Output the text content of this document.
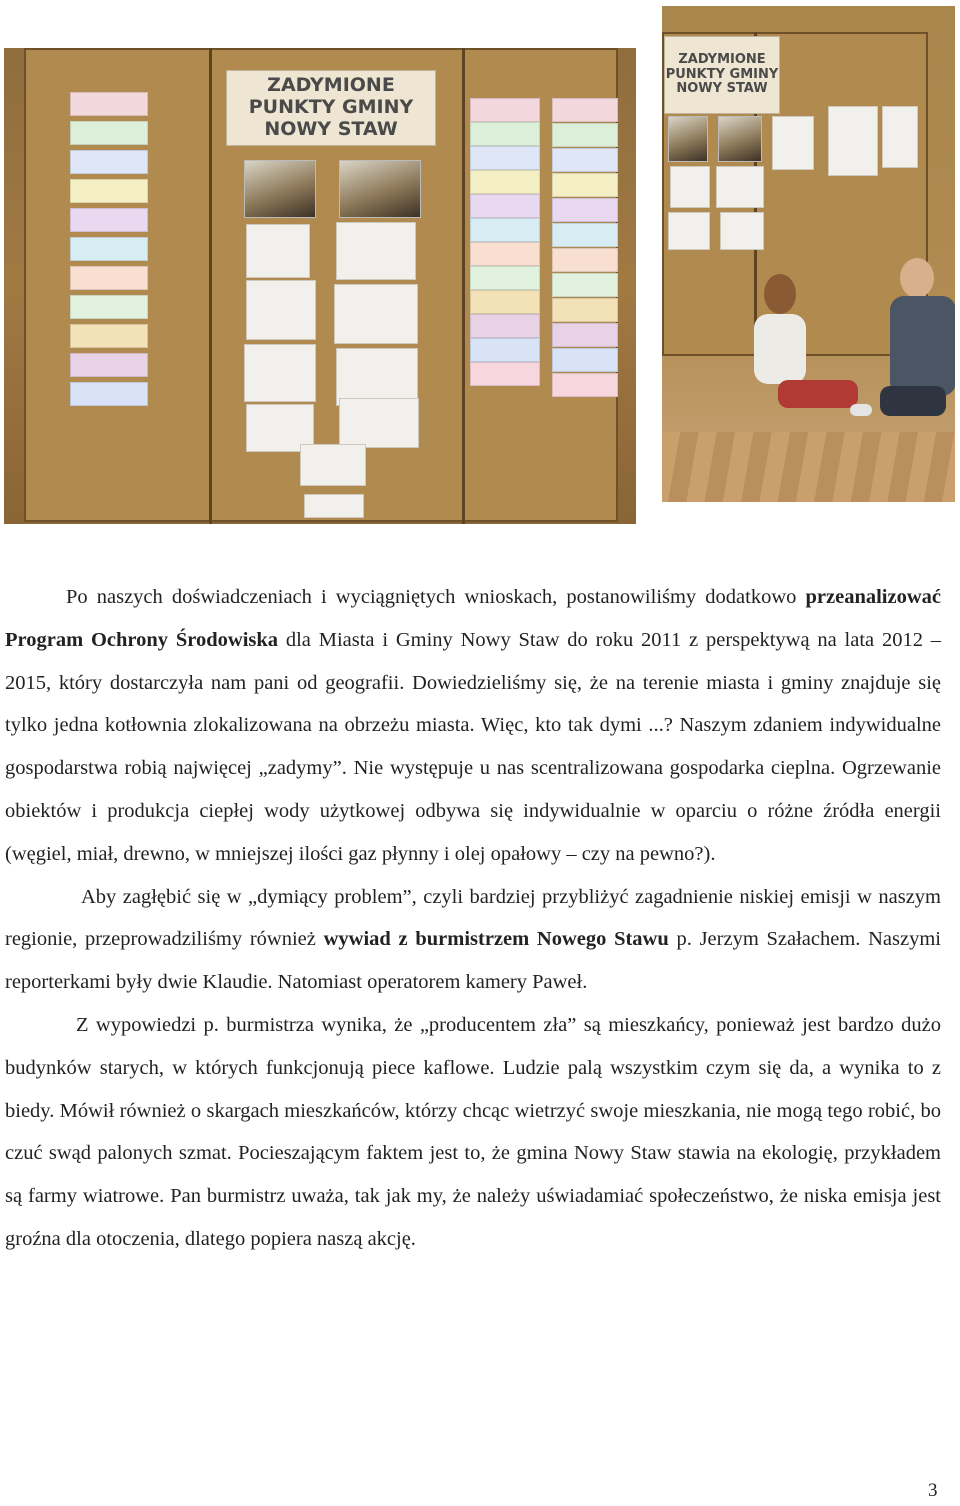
ZADYMIONE PUNKTY GMINY NOWY STAW
ZADYMIONE PUNKTY GMINY NOWY STAW

Po naszych doświadczeniach i wyciągniętych wnioskach, postanowiliśmy dodatkowo przeanalizować Program Ochrony Środowiska dla Miasta i Gminy Nowy Staw do roku 2011 z perspektywą na lata 2012 – 2015, który dostarczyła nam pani od geografii. Dowiedzieliśmy się, że na terenie miasta i gminy znajduje się tylko jedna kotłownia zlokalizowana na obrzeżu miasta. Więc, kto tak dymi ...? Naszym zdaniem indywidualne gospodarstwa robią najwięcej „zadymy”. Nie występuje u nas scentralizowana gospodarka cieplna. Ogrzewanie obiektów i produkcja ciepłej wody użytkowej odbywa się indywidualnie w oparciu o różne źródła energii (węgiel, miał, drewno, w mniejszej ilości gaz płynny i olej opałowy – czy na pewno?).

Aby zagłębić się w „dymiący problem”, czyli bardziej przybliżyć zagadnienie niskiej emisji w naszym regionie, przeprowadziliśmy również wywiad z burmistrzem Nowego Stawu p. Jerzym Szałachem. Naszymi reporterkami były dwie Klaudie. Natomiast operatorem kamery Paweł.

Z wypowiedzi p. burmistrza wynika, że „producentem zła” są mieszkańcy, ponieważ jest bardzo dużo budynków starych, w których funkcjonują piece kaflowe. Ludzie palą wszystkim czym się da, a wynika to z biedy. Mówił również o skargach mieszkańców, którzy chcąc wietrzyć swoje mieszkania, nie mogą tego robić, bo czuć swąd palonych szmat. Pocieszającym faktem jest to, że gmina Nowy Staw stawia na ekologię, przykładem są farmy wiatrowe. Pan burmistrz uważa, tak jak my, że należy uświadamiać społeczeństwo, że niska emisja jest groźna dla otoczenia, dlatego popiera naszą akcję.

3
